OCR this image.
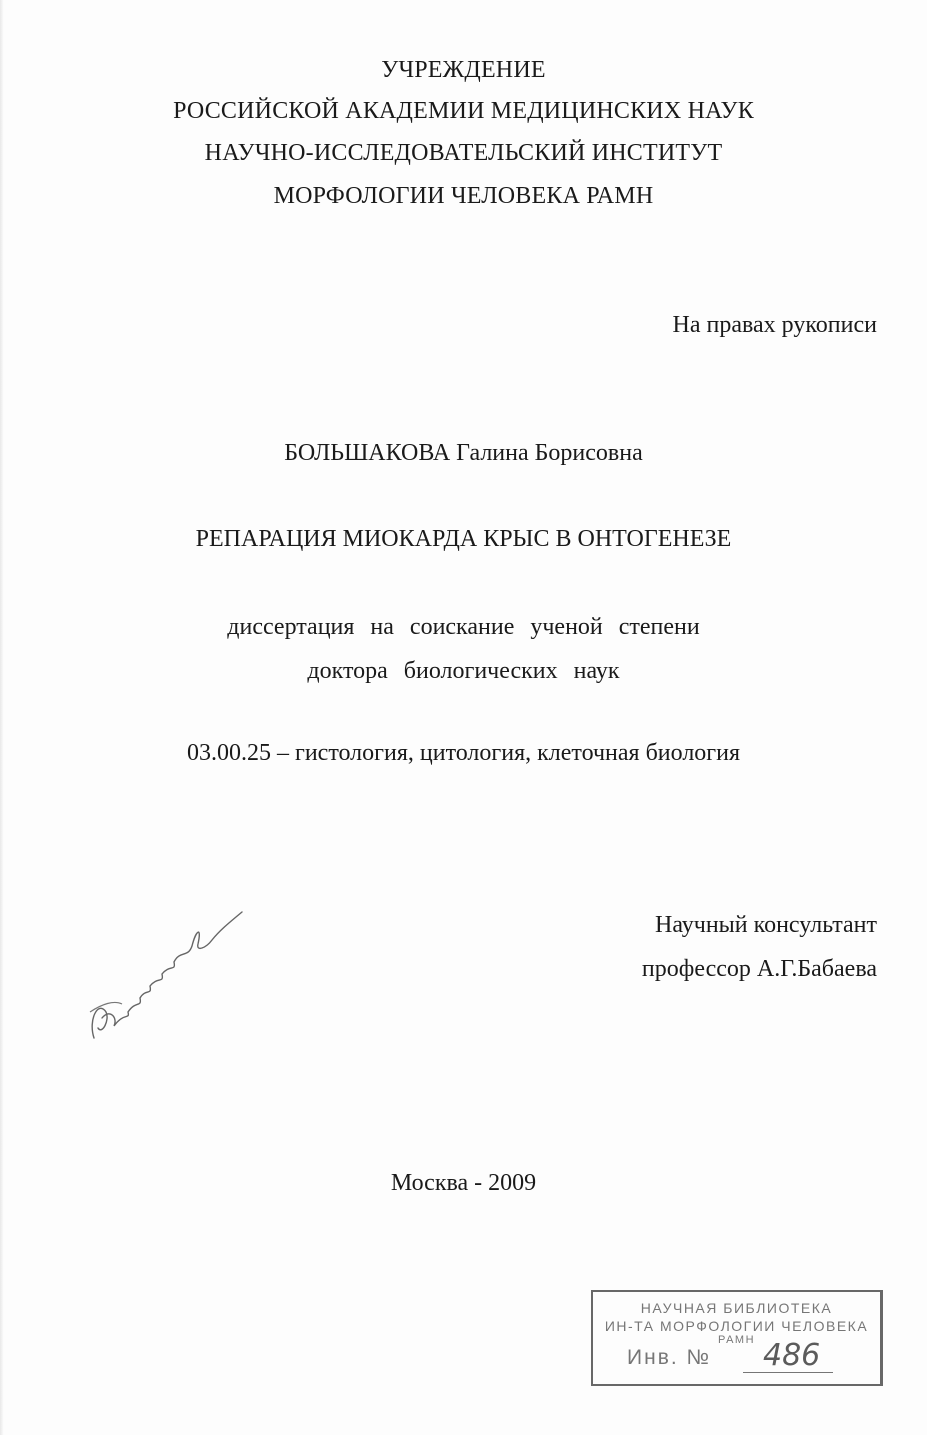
УЧРЕЖДЕНИЕ
РОССИЙСКОЙ АКАДЕМИИ МЕДИЦИНСКИХ НАУК
НАУЧНО-ИССЛЕДОВАТЕЛЬСКИЙ ИНСТИТУТ
МОРФОЛОГИИ ЧЕЛОВЕКА РАМН
На правах рукописи
БОЛЬШАКОВА Галина Борисовна
РЕПАРАЦИЯ МИОКАРДА КРЫС В ОНТОГЕНЕЗЕ
диссертация на соискание ученой степени
доктора биологических наук
03.00.25 – гистология, цитология, клеточная биология
Научный консультант
профессор А.Г.Бабаева
Москва - 2009
НАУЧНАЯ БИБЛИОТЕКА
ИН-ТА МОРФОЛОГИИ ЧЕЛОВЕКА
РАМН
Инв. № 486
